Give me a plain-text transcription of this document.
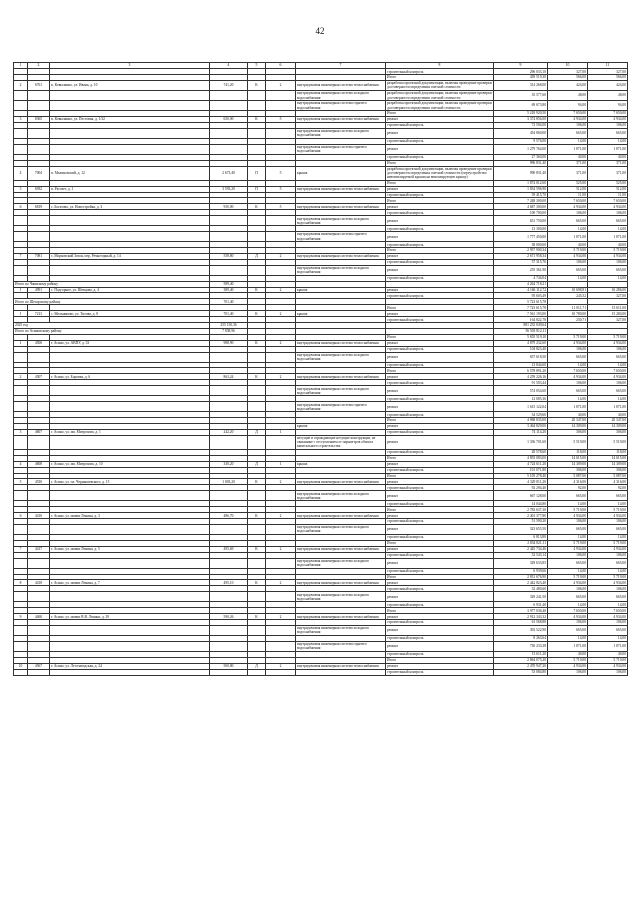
42
1	2	3	4	5	6	7	8	9	10	11
							строительный контроль	296 033,10	327,00	327,00
							Итого	439 519,30	566,00	566,00
2	6761	п. Ковылкино, ул. Ивана, д. 10	741,20	К	2	внутридомовая инженерная система теплоснабжения	разработка проектной документации, включая проведение проверки достоверности определения сметной стоимости	314 268,00	424,00	424,00
						внутридомовая инженерная система холодного водоснабжения	разработка проектной документации, включая проведение проверки достоверности определения сметной стоимости	35 577,60	48,00	48,00
						внутридомовая инженерная система горячего водоснабжения	разработка проектной документации, включая проведение проверки достоверности определения сметной стоимости	69 673,80	94,00	94,00
							Итого	5 218 920,50	7 650,00	7 650,00
3	8365	п. Ковылкино, ул. Пестовая, д. 1/32	650,00	К	5	внутридомовая инженерная система теплоснабжения	ремонт	3 374 856,00	4 934,00	4 934,00
							строительный контроль	72 504,00	106,00	106,00
						внутридомовая инженерная система холодного водоснабжения	ремонт	454 860,00	665,00	665,00
							строительный контроль	9 576,00	14,00	14,00
						внутридомовая инженерная система горячего водоснабжения	ремонт	1 279 764,00	1 871,00	1 871,00
							строительный контроль	27 360,00	40,00	40,00
							Итого	996 831,40	371,00	371,00
4	7004	п. Малиновский, д. 12	2 673,40	П	5	крыша	разработка проектной документации, включая проведение проверки достоверности определения сметной стоимости (переустройство невентилируемой крыши на вентилируемую крышу)	990 831,40	371,00	371,00
							Итого	1 874 012,60	525,00	525,00
5	6932	п. Рассвет, д. 1	3 593,20	П	5	внутридомовая инженерная система теплоснабжения	ремонт	1 834 596,90	512,00	512,00
							строительный контроль	39 415,70	11,00	11,00
							Итого	7 248 300,00	7 650,00	7 650,00
6	6819	с. Богатово, ул. Новостройка, д. 3	950,00	К	5	внутридомовая инженерная система теплоснабжения	ремонт	4 687 300,00	4 934,00	4 934,00
							строительный контроль	100 700,00	106,00	106,00
						внутридомовая инженерная система холодного водоснабжения	ремонт	631 750,00	665,00	665,00
							строительный контроль	13 300,00	14,00	14,00
						внутридомовая инженерная система горячего водоснабжения	ремонт	1 777 450,00	1 871,00	1 871,00
							строительный контроль	38 000,00	40,00	40,00
							Итого	2 957 900,34	5 719,00	5 719,00
7	7081	с. Морковский Затон, пер. Речкоторный, д. 14	558,80	Д	2	внутридомовая инженерная система теплоснабжения	ремонт	2 671 958,34	4 934,00	4 934,00
							строительный контроль	57 315,76	106,00	106,00
						внутридомовая инженерная система холодного водоснабжения	ремонт	255 361,90	665,00	665,00
							строительный контроль	4 744,04	14,00	14,00
Итого по Чаинскому району			589,40					4 264 718,21		
1	4991	с. Подгорное, ул. Шевцова, д. 4	389,40	К	2	крыша	ремонт	4 166 112,72	10 698,81	16 286,00
							строительный контроль	95 603,49	245,52	327,00
Итого по Шегарскому району			701,40					5 723 615,78		
							Итого	7 723 615,78	11 011,71	15 611,00
1	7213	с. Мельниково, ул. Титова, д. 8	701,40	К	2	крыша	ремонт	7 561 193,00	10 780,00	15 284,00
							строительный контроль	164 822,78	230,71	327,00
2025 год			255 150,36					881 235 049,64		
Итого по Асиновскому району			7 838,96					56 503 812,11		
							Итого	5 655 519,10	5 719,00	5 719,00
1	4506	г. Асино, ул. АВПУ, д. 33	988,90	К	2	внутридомовая инженерная система теплоснабжения	ремонт	4 879 232,60	4 934,00	4 934,00
							строительный контроль	104 823,40	106,00	106,00
						внутридомовая инженерная система холодного водоснабжения	ремонт	657 618,50	665,00	665,00
							строительный контроль	13 844,60	14,00	14,00
							Итого	6 578 891,20	7 650,00	7 650,00
2	4507	г. Асино, ул. Боровая, д. 6	863,24	К	2	внутридомовая инженерная система теплоснабжения	ремонт	4 259 226,16	4 934,00	4 934,00
							строительный контроль	91 503,44	106,00	106,00
						внутридомовая инженерная система холодного водоснабжения	ремонт	574 054,60	665,00	665,00
							строительный контроль	12 085,36	14,00	14,00
						внутридомовая инженерная система горячего водоснабжения	ремонт	1 615 122,04	1 871,00	1 871,00
							строительный контроль	34 529,60	40,00	40,00
							Итого	4 968 835,00	20 347,00	20 347,00
						крыша	ремонт	3 464 829,00	14 309,00	14 309,00
3	4607	г. Асино, ул. им. Митрохова, д. 1	242,20	Д	1		строительный контроль	74 114,20	306,00	306,00
						несущие и ограждающие несущие конструкции, не связанные с отступлением от параметров объекта капитального строительства	ремонт	1 336 701,60	5 519,00	5 519,00
							строительный контроль	28 578,60	118,00	118,00
							Итого	4 855 083,00	14 615,00	14 615,00
4	4608	г. Асино, ул. им. Митрохова, д. 10	330,20	Д	1	крыша	ремонт	4 724 611,20	14 309,00	14 309,00
							строительный контроль	101 071,80	306,00	306,00
							Итого	5 105 278,40	5 087,00	5 087,00
5	4530	г. Асино, ул. пл. Чернышевского, д. 15	1 003,20	К	2	внутридомовая инженерная система теплоснабжения	ремонт	4 329 811,20	4 316,00	4 316,00
							строительный контроль	92 294,40	92,00	92,00
						внутридомовая инженерная система холодного водоснабжения	ремонт	667 128,00	665,00	665,00
							строительный контроль	14 044,80	14,00	14,00
							Итого	2 783 637,30	5 719,00	5 719,00
6	4416	г. Асино, ул. имени Ленина, д. 3	486,70	К	2	внутридомовая инженерная система теплоснабжения	ремонт	2 401 377,80	4 934,00	4 934,00
							строительный контроль	51 590,20	106,00	106,00
						внутридомовая инженерная система холодного водоснабжения	ремонт	323 655,50	665,00	665,00
							строительный контроль	6 813,80	14,00	14,00
							Итого	2 834 821,11	5 719,00	5 719,00
7	4417	г. Асино, ул. имени Ленина, д. 5	495,69	К	2	внутридомовая инженерная система теплоснабжения	ремонт	2 445 734,46	4 934,00	4 934,00
							строительный контроль	52 543,14	106,00	106,00
						внутридомовая инженерная система холодного водоснабжения	ремонт	329 633,85	665,00	665,00
							строительный контроль	6 939,66	14,00	14,00
							Итого	2 831 676,90	5 719,00	5 719,00
8	4418	г. Асино, ул. имени Ленина, д. 7	495,10	К	2	внутридомовая инженерная система теплоснабжения	ремонт	2 442 823,40	4 934,00	4 934,00
							строительный контроль	52 480,60	106,00	106,00
						внутридомовая инженерная система холодного водоснабжения	ремонт	329 241,50	665,00	665,00
							строительный контроль	6 931,40	14,00	14,00
							Итого	3 977 036,40	7 650,00	7 650,00
9	4460	г. Асино, ул. имени В.В. Ленина, д. 29	590,26	К	2	внутридомовая инженерная система теплоснабжения	ремонт	2 912 343,32	4 934,00	4 934,00
							строительный контроль	61 568,88	106,00	106,00
						внутридомовая инженерная система холодного водоснабжения	ремонт	392 522,90	665,00	665,00
							строительный контроль	8 263,64	14,00	14,00
						внутридомовая инженерная система горячего водоснабжения	ремонт	730 233,38	1 871,00	1 871,00
							строительный контроль	15 611,20	40,00	40,00
							Итого	2 864 075,20	5 719,00	5 719,00
10	4567	г. Асино, ул. Лесозаводская, д. 24	500,80	Д	2	внутридомовая инженерная система теплоснабжения	ремонт	2 470 947,20	4 934,00	4 934,00
							строительный контроль	53 084,80	106,00	106,00
